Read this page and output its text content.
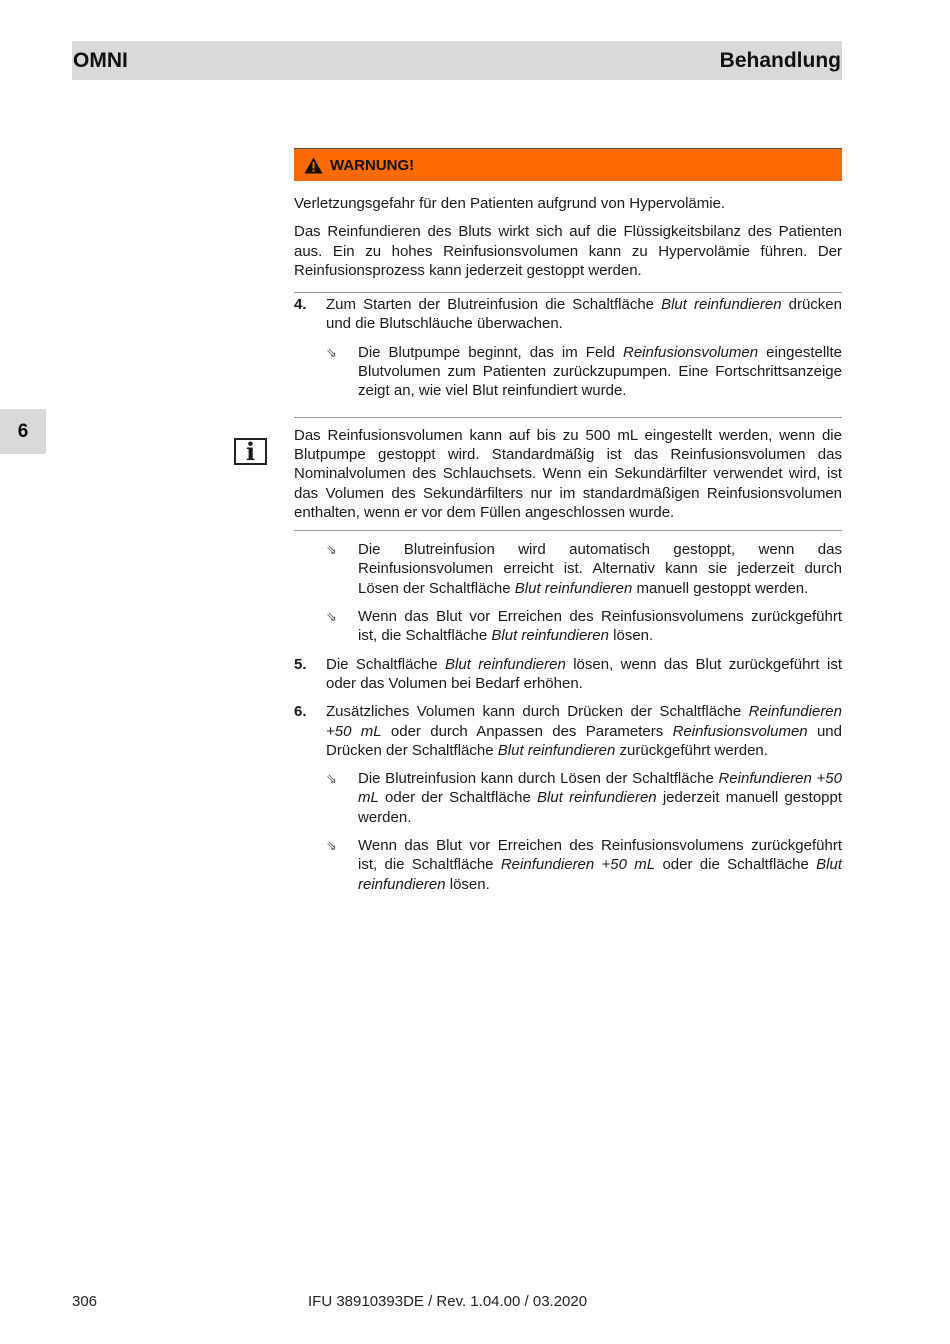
OMNI	Behandlung
6
i
WARNUNG!

Verletzungsgefahr für den Patienten aufgrund von Hypervolämie.

Das Reinfundieren des Bluts wirkt sich auf die Flüssigkeitsbilanz des Patienten aus. Ein zu hohes Reinfusionsvolumen kann zu Hypervolämie führen. Der Reinfusionsprozess kann jederzeit gestoppt werden.

4.	Zum Starten der Blutreinfusion die Schaltfläche Blut reinfundieren drücken und die Blutschläuche überwachen.

⇘	Die Blutpumpe beginnt, das im Feld Reinfusionsvolumen eingestellte Blutvolumen zum Patienten zurückzupumpen. Eine Fortschrittsanzeige zeigt an, wie viel Blut reinfundiert wurde.

Das Reinfusionsvolumen kann auf bis zu 500 mL eingestellt werden, wenn die Blutpumpe gestoppt wird. Standardmäßig ist das Reinfusionsvolumen das Nominalvolumen des Schlauchsets. Wenn ein Sekundärfilter verwendet wird, ist das Volumen des Sekundärfilters nur im standardmäßigen Reinfusionsvolumen enthalten, wenn er vor dem Füllen angeschlossen wurde.

⇘	Die Blutreinfusion wird automatisch gestoppt, wenn das Reinfusionsvolumen erreicht ist. Alternativ kann sie jederzeit durch Lösen der Schaltfläche Blut reinfundieren manuell gestoppt werden.

⇘	Wenn das Blut vor Erreichen des Reinfusionsvolumens zurückgeführt ist, die Schaltfläche Blut reinfundieren lösen.

5.	Die Schaltfläche Blut reinfundieren lösen, wenn das Blut zurückgeführt ist oder das Volumen bei Bedarf erhöhen.

6.	Zusätzliches Volumen kann durch Drücken der Schaltfläche Reinfundieren +50 mL oder durch Anpassen des Parameters Reinfusionsvolumen und Drücken der Schaltfläche Blut reinfundieren zurückgeführt werden.

⇘	Die Blutreinfusion kann durch Lösen der Schaltfläche Reinfundieren +50 mL oder der Schaltfläche Blut reinfundieren jederzeit manuell gestoppt werden.

⇘	Wenn das Blut vor Erreichen des Reinfusionsvolumens zurückgeführt ist, die Schaltfläche Reinfundieren +50 mL oder die Schaltfläche Blut reinfundieren lösen.

306	IFU 38910393DE / Rev. 1.04.00 / 03.2020
